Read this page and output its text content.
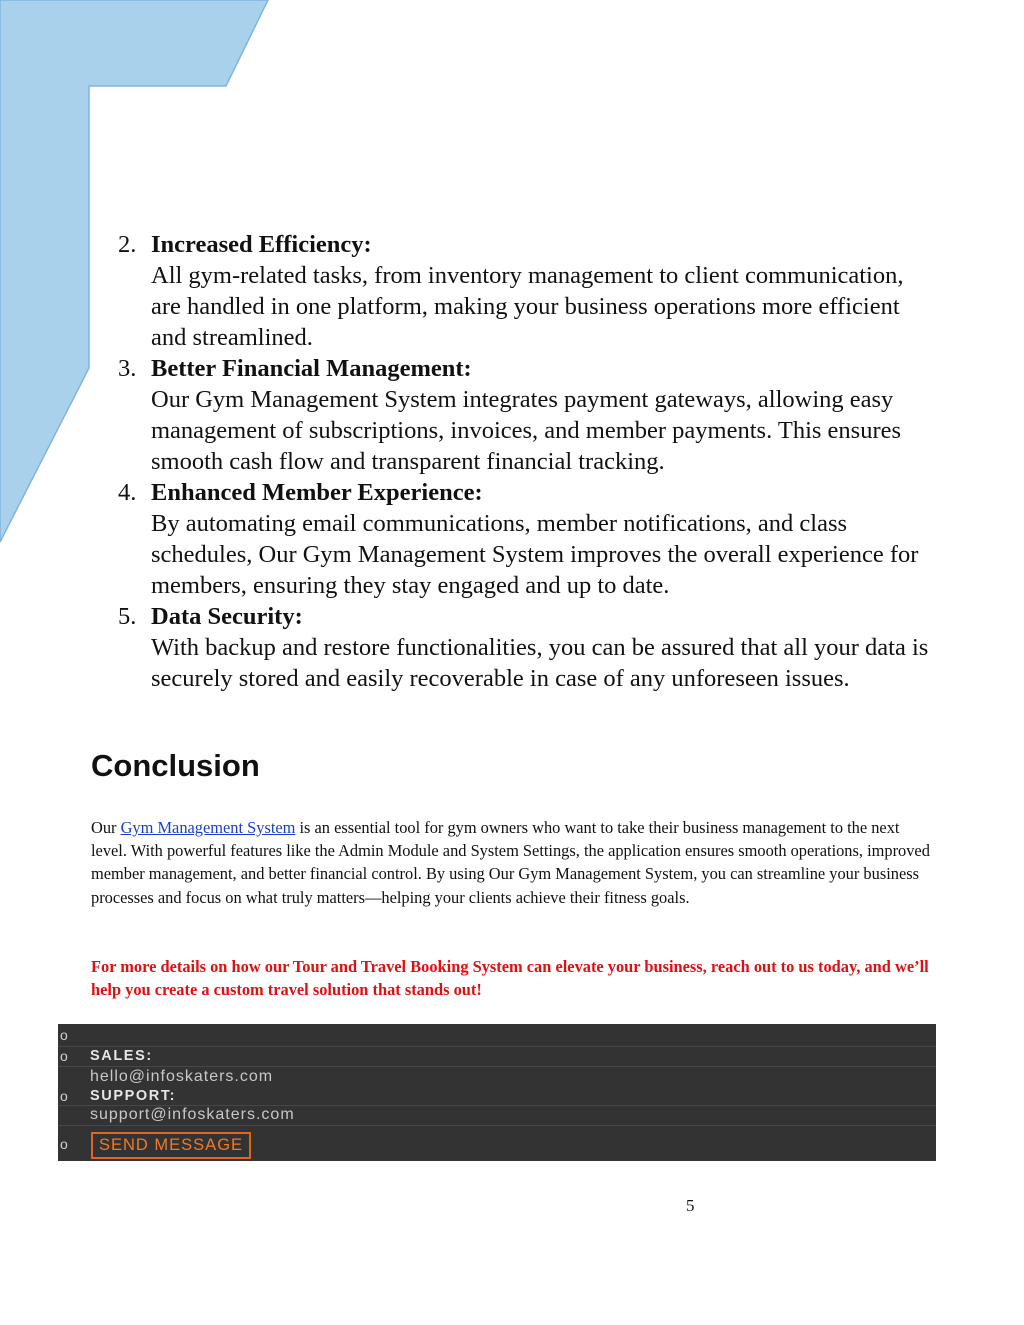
2. Increased Efficiency:
All gym-related tasks, from inventory management to client communication, are handled in one platform, making your business operations more efficient and streamlined.
3. Better Financial Management:
Our Gym Management System integrates payment gateways, allowing easy management of subscriptions, invoices, and member payments. This ensures smooth cash flow and transparent financial tracking.
4. Enhanced Member Experience:
By automating email communications, member notifications, and class schedules, Our Gym Management System improves the overall experience for members, ensuring they stay engaged and up to date.
5. Data Security:
With backup and restore functionalities, you can be assured that all your data is securely stored and easily recoverable in case of any unforeseen issues.
Conclusion

Our Gym Management System is an essential tool for gym owners who want to take their business management to the next level. With powerful features like the Admin Module and System Settings, the application ensures smooth operations, improved member management, and better financial control. By using Our Gym Management System, you can streamline your business processes and focus on what truly matters—helping your clients achieve their fitness goals.

For more details on how our Tour and Travel Booking System can elevate your business, reach out to us today, and we’ll help you create a custom travel solution that stands out!

o
o SALES:
hello@infoskaters.com
o SUPPORT:
support@infoskaters.com
o	SEND MESSAGE
5
